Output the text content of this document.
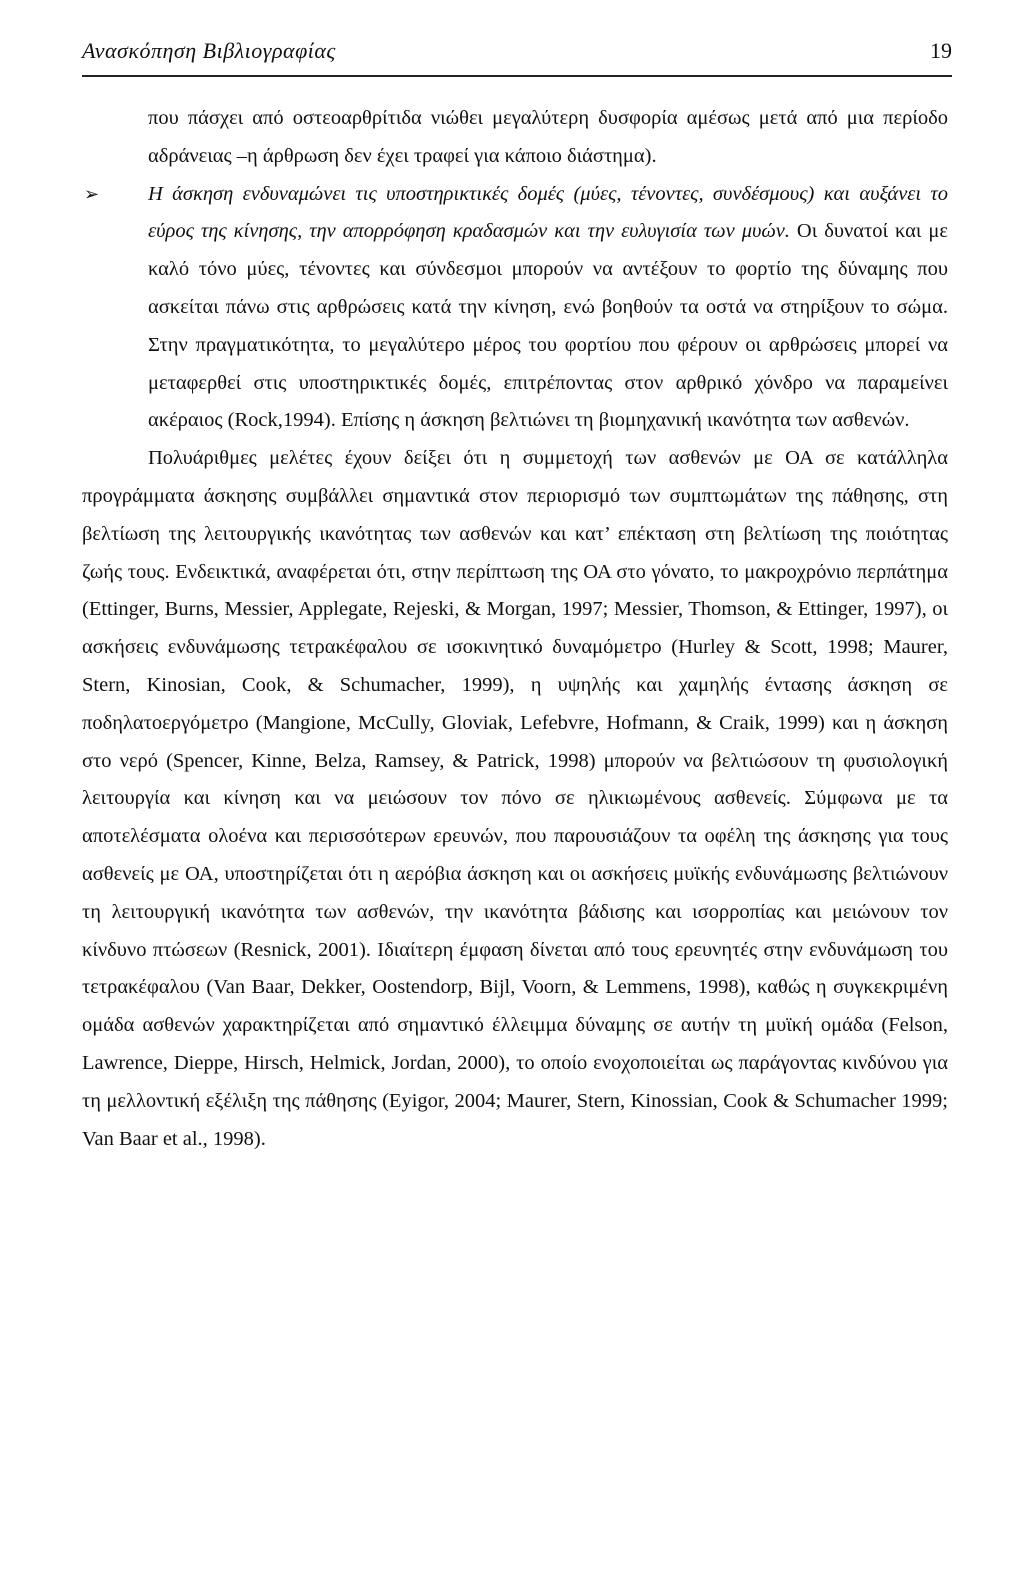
Ανασκόπηση Βιβλιογραφίας	19

που πάσχει από οστεοαρθρίτιδα νιώθει μεγαλύτερη δυσφορία αμέσως μετά από μια περίοδο αδράνειας –η άρθρωση δεν έχει τραφεί για κάποιο διάστημα).

➢ Η άσκηση ενδυναμώνει τις υποστηρικτικές δομές (μύες, τένοντες, συνδέσμους) και αυξάνει το εύρος της κίνησης, την απορρόφηση κραδασμών και την ευλυγισία των μυών. Οι δυνατοί και με καλό τόνο μύες, τένοντες και σύνδεσμοι μπορούν να αντέξουν το φορτίο της δύναμης που ασκείται πάνω στις αρθρώσεις κατά την κίνηση, ενώ βοηθούν τα οστά να στηρίξουν το σώμα. Στην πραγματικότητα, το μεγαλύτερο μέρος του φορτίου που φέρουν οι αρθρώσεις μπορεί να μεταφερθεί στις υποστηρικτικές δομές, επιτρέποντας στον αρθρικό χόνδρο να παραμείνει ακέραιος (Rock,1994). Επίσης η άσκηση βελτιώνει τη βιομηχανική ικανότητα των ασθενών.

Πολυάριθμες μελέτες έχουν δείξει ότι η συμμετοχή των ασθενών με ΟΑ σε κατάλληλα προγράμματα άσκησης συμβάλλει σημαντικά στον περιορισμό των συμπτωμάτων της πάθησης, στη βελτίωση της λειτουργικής ικανότητας των ασθενών και κατ’ επέκταση στη βελτίωση της ποιότητας ζωής τους. Ενδεικτικά, αναφέρεται ότι, στην περίπτωση της ΟΑ στο γόνατο, το μακροχρόνιο περπάτημα (Ettinger, Burns, Messier, Applegate, Rejeski, & Morgan, 1997; Messier, Thomson, & Ettinger, 1997), οι ασκήσεις ενδυνάμωσης τετρακέφαλου σε ισοκινητικό δυναμόμετρο (Hurley & Scott, 1998; Maurer, Stern, Kinosian, Cook, & Schumacher, 1999), η υψηλής και χαμηλής έντασης άσκηση σε ποδηλατοεργόμετρο (Mangione, McCully, Gloviak, Lefebvre, Hofmann, & Craik, 1999) και η άσκηση στο νερό (Spencer, Kinne, Belza, Ramsey, & Patrick, 1998) μπορούν να βελτιώσουν τη φυσιολογική λειτουργία και κίνηση και να μειώσουν τον πόνο σε ηλικιωμένους ασθενείς. Σύμφωνα με τα αποτελέσματα ολοένα και περισσότερων ερευνών, που παρουσιάζουν τα οφέλη της άσκησης για τους ασθενείς με ΟΑ, υποστηρίζεται ότι η αερόβια άσκηση και οι ασκήσεις μυϊκής ενδυνάμωσης βελτιώνουν τη λειτουργική ικανότητα των ασθενών, την ικανότητα βάδισης και ισορροπίας και μειώνουν τον κίνδυνο πτώσεων (Resnick, 2001). Ιδιαίτερη έμφαση δίνεται από τους ερευνητές στην ενδυνάμωση του τετρακέφαλου (Van Baar, Dekker, Oostendorp, Bijl, Voorn, & Lemmens, 1998), καθώς η συγκεκριμένη ομάδα ασθενών χαρακτηρίζεται από σημαντικό έλλειμμα δύναμης σε αυτήν τη μυϊκή ομάδα (Felson, Lawrence, Dieppe, Hirsch, Helmick, Jordan, 2000), το οποίο ενοχοποιείται ως παράγοντας κινδύνου για τη μελλοντική εξέλιξη της πάθησης (Eyigor, 2004; Maurer, Stern, Kinossian, Cook & Schumacher 1999; Van Baar et al., 1998).
